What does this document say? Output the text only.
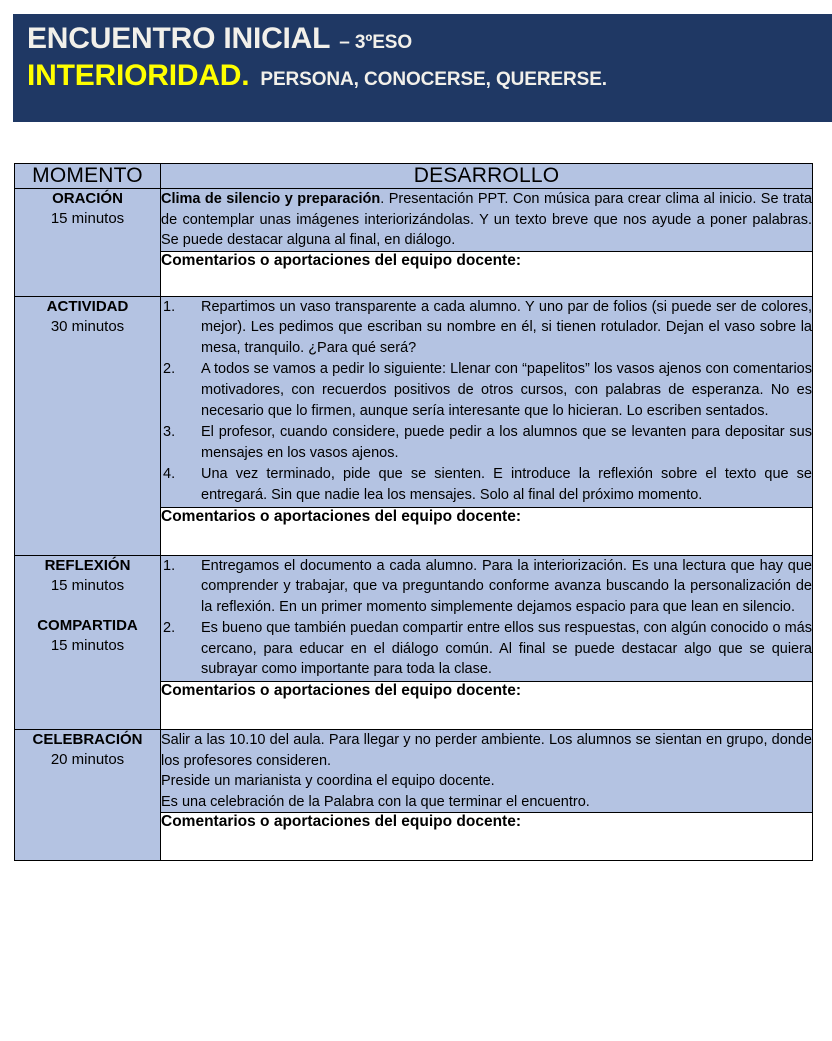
ENCUENTRO INICIAL – 3ºESO
INTERIORIDAD. PERSONA, CONOCERSE, QUERERSE.
MOMENTO	DESARROLLO

ORACIÓN
15 minutos	Clima de silencio y preparación. Presentación PPT. Con música para crear clima al inicio. Se trata de contemplar unas imágenes interiorizándolas. Y un texto breve que nos ayude a poner palabras. Se puede destacar alguna al final, en diálogo.

	Comentarios o aportaciones del equipo docente:

ACTIVIDAD
30 minutos

Repartimos un vaso transparente a cada alumno. Y uno par de folios (si puede ser de colores, mejor). Les pedimos que escriban su nombre en él, si tienen rotulador. Dejan el vaso sobre la mesa, tranquilo. ¿Para qué será?
A todos se vamos a pedir lo siguiente: Llenar con “papelitos” los vasos ajenos con comentarios motivadores, con recuerdos positivos de otros cursos, con palabras de esperanza. No es necesario que lo firmen, aunque sería interesante que lo hicieran. Lo escriben sentados.
El profesor, cuando considere, puede pedir a los alumnos que se levanten para depositar sus mensajes en los vasos ajenos.
Una vez terminado, pide que se sienten. E introduce la reflexión sobre el texto que se entregará. Sin que nadie lea los mensajes. Solo al final del próximo momento.

	Comentarios o aportaciones del equipo docente:

REFLEXIÓN
15 minutos
COMPARTIDA
15 minutos

Entregamos el documento a cada alumno. Para la interiorización. Es una lectura que hay que comprender y trabajar, que va preguntando conforme avanza buscando la personalización de la reflexión. En un primer momento simplemente dejamos espacio para que lean en silencio.
Es bueno que también puedan compartir entre ellos sus respuestas, con algún conocido o más cercano, para educar en el diálogo común. Al final se puede destacar algo que se quiera subrayar como importante para toda la clase.

	Comentarios o aportaciones del equipo docente:

CELEBRACIÓN
20 minutos

Salir a las 10.10 del aula. Para llegar y no perder ambiente. Los alumnos se sientan en grupo, donde los profesores consideren.

Preside un marianista y coordina el equipo docente.

Es una celebración de la Palabra con la que terminar el encuentro.

	Comentarios o aportaciones del equipo docente:
